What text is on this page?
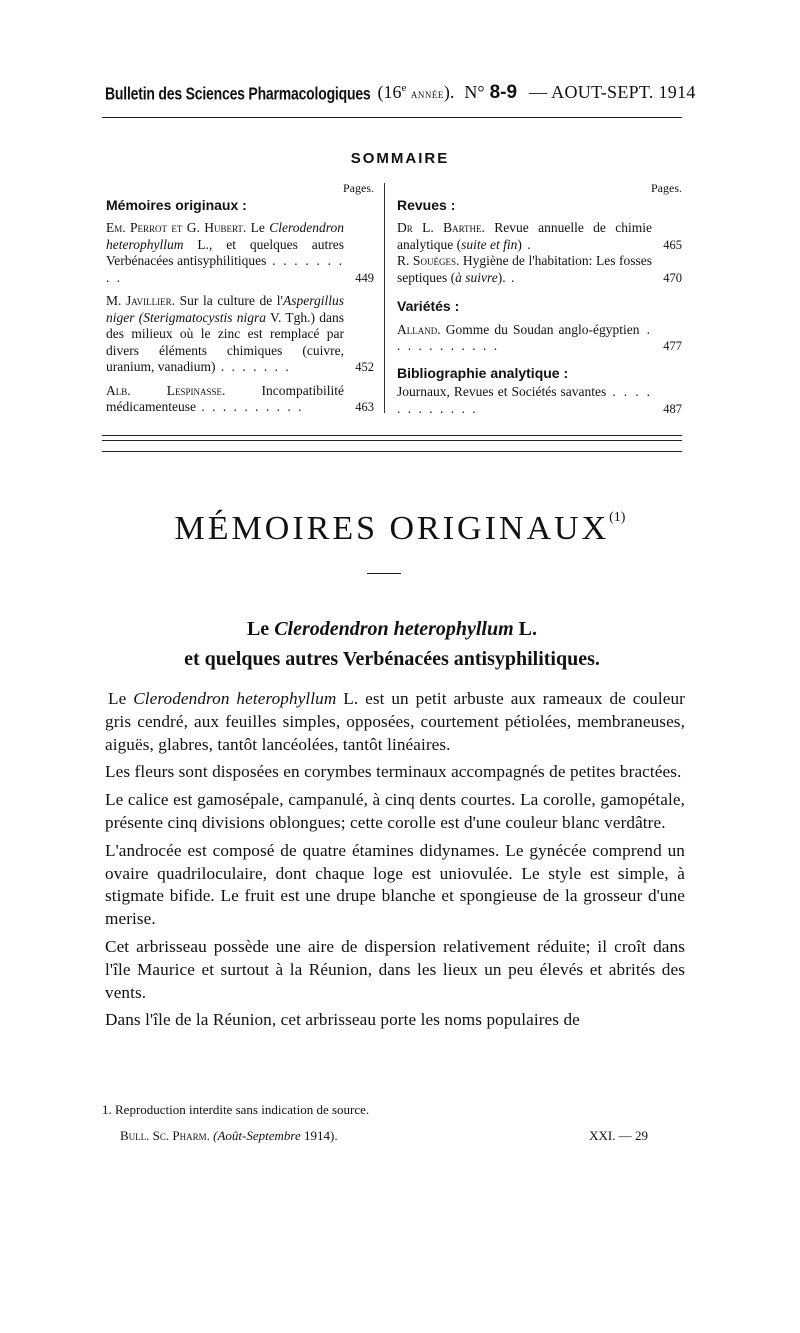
Bulletin des Sciences Pharmacologiques (16e année). N° 8-9 — AOUT-SEPT. 1914
SOMMAIRE
Pages.
Mémoires originaux :
Em. Perrot et G. Hubert. Le Clerodendron heterophyllum L., et quelques autres Verbénacées antisyphilitiques . . . . . . . . .	449
M. Javillier. Sur la culture de l'Aspergillus niger (Sterigmatocystis nigra V. Tgh.) dans des milieux où le zinc est remplacé par divers éléments chimiques (cuivre, uranium, vanadium) . . . . . . .	452
Alb. Lespinasse.	Incompatibilité médicamenteuse . . . . . . . . . .	463
Pages.
Revues :
Dr L. Barthe. Revue annuelle de chimie analytique (suite et fin) .	465
R. Souèges. Hygiène de l'habitation: Les fosses septiques (à suivre). .	470
Variétés :
Alland. Gomme du Soudan anglo-égyptien . . . . . . . . . . .	477
Bibliographie analytique :
Journaux, Revues et Sociétés savantes . . . . . . . . . . . .	487
MÉMOIRES ORIGINAUX$^{(1)}$
Le Clerodendron heterophyllum L.
et quelques autres Verbénacées antisyphilitiques.

Le Clerodendron heterophyllum L. est un petit arbuste aux rameaux de couleur gris cendré, aux feuilles simples, opposées, courtement pétiolées, membraneuses, aiguës, glabres, tantôt lancéolées, tantôt linéaires.

Les fleurs sont disposées en corymbes terminaux accompagnés de petites bractées.

Le calice est gamosépale, campanulé, à cinq dents courtes. La corolle, gamopétale, présente cinq divisions oblongues; cette corolle est d'une couleur blanc verdâtre.

L'androcée est composé de quatre étamines didynames. Le gynécée comprend un ovaire quadriloculaire, dont chaque loge est uniovulée. Le style est simple, à stigmate bifide. Le fruit est une drupe blanche et spongieuse de la grosseur d'une merise.

Cet arbrisseau possède une aire de dispersion relativement réduite; il croît dans l'île Maurice et surtout à la Réunion, dans les lieux un peu élevés et abrités des vents.

Dans l'île de la Réunion, cet arbrisseau porte les noms populaires de

1. Reproduction interdite sans indication de source.
Bull. Sc. Pharm. (Août-Septembre 1914).	XXI. — 29
